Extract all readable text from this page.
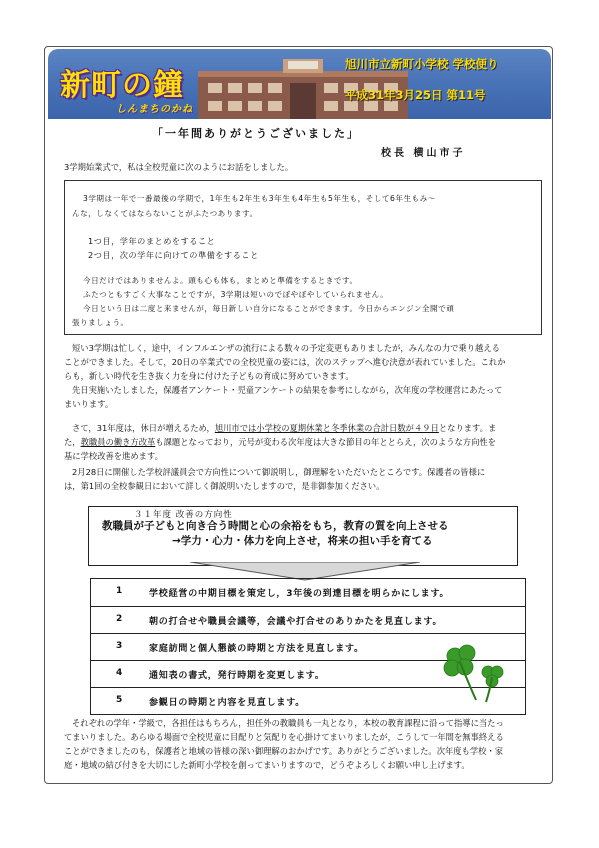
新町の鐘
しんまちのかね
旭川市立新町小学校 学校便り
平成31年3月25日 第11号
「一年間ありがとうございました」
校長 横山市子
3学期始業式で，私は全校児童に次のようにお話をしました。
3学期は一年で一番最後の学期で，1年生も2年生も3年生も4年生も5年生も，そして6年生もみ〜
んな，しなくてはならないことがふたつあります。
1つ目，学年のまとめをすること
2つ目，次の学年に向けての準備をすること
今日だけではありませんよ。頭も心も体も，まとめと準備をするときです。
ふたつともすごく大事なことですが，3学期は短いのでぼやぼやしていられません。
今日という日は二度と来ませんが，毎日新しい自分になることができます。今日からエンジン全開で頑
張りましょう。
短い3学期は忙しく，途中，インフルエンザの流行による数々の予定変更もありましたが，みんなの力で乗り越える
ことができました。そして，20日の卒業式での全校児童の姿には，次のステップへ進む決意が表れていました。これか
らも，新しい時代を生き抜く力を身に付けた子どもの育成に努めていきます。
先日実施いたしました，保護者アンケート・児童アンケートの結果を参考にしながら，次年度の学校運営にあたって
まいります。
さて，31年度は，休日が増えるため，旭川市では小学校の夏期休業と冬季休業の合計日数が４９日となります。ま
た，教職員の働き方改革も課題となっており，元号が変わる次年度は大きな節目の年ととらえ，次のような方向性を
基に学校改善を進めます。
2月28日に開催した学校評議員会で方向性について御説明し，御理解をいただいたところです。保護者の皆様に
は，第1回の全校参観日において詳しく御説明いたしますので，是非御参加ください。
３１年度 改善の方向性
教職員が子どもと向き合う時間と心の余裕をもち，教育の質を向上させる
→学力・心力・体力を向上させ，将来の担い手を育てる
1	学校経営の中期目標を策定し，3年後の到達目標を明らかにします。
2	朝の打合せや職員会議等，会議や打合せのありかたを見直します。
3	家庭訪問と個人懇談の時期と方法を見直します。
4	通知表の書式，発行時期を変更します。
5	参観日の時期と内容を見直します。
それぞれの学年・学級で，各担任はもちろん，担任外の教職員も一丸となり，本校の教育課程に沿って指導に当たっ
てまいりました。あらゆる場面で全校児童に目配りと気配りを心掛けてまいりましたが，こうして一年間を無事終える
ことができましたのも，保護者と地域の皆様の深い御理解のおかげです。ありがとうございました。次年度も学校・家
庭・地域の結び付きを大切にした新町小学校を創ってまいりますので，どうぞよろしくお願い申し上げます。
